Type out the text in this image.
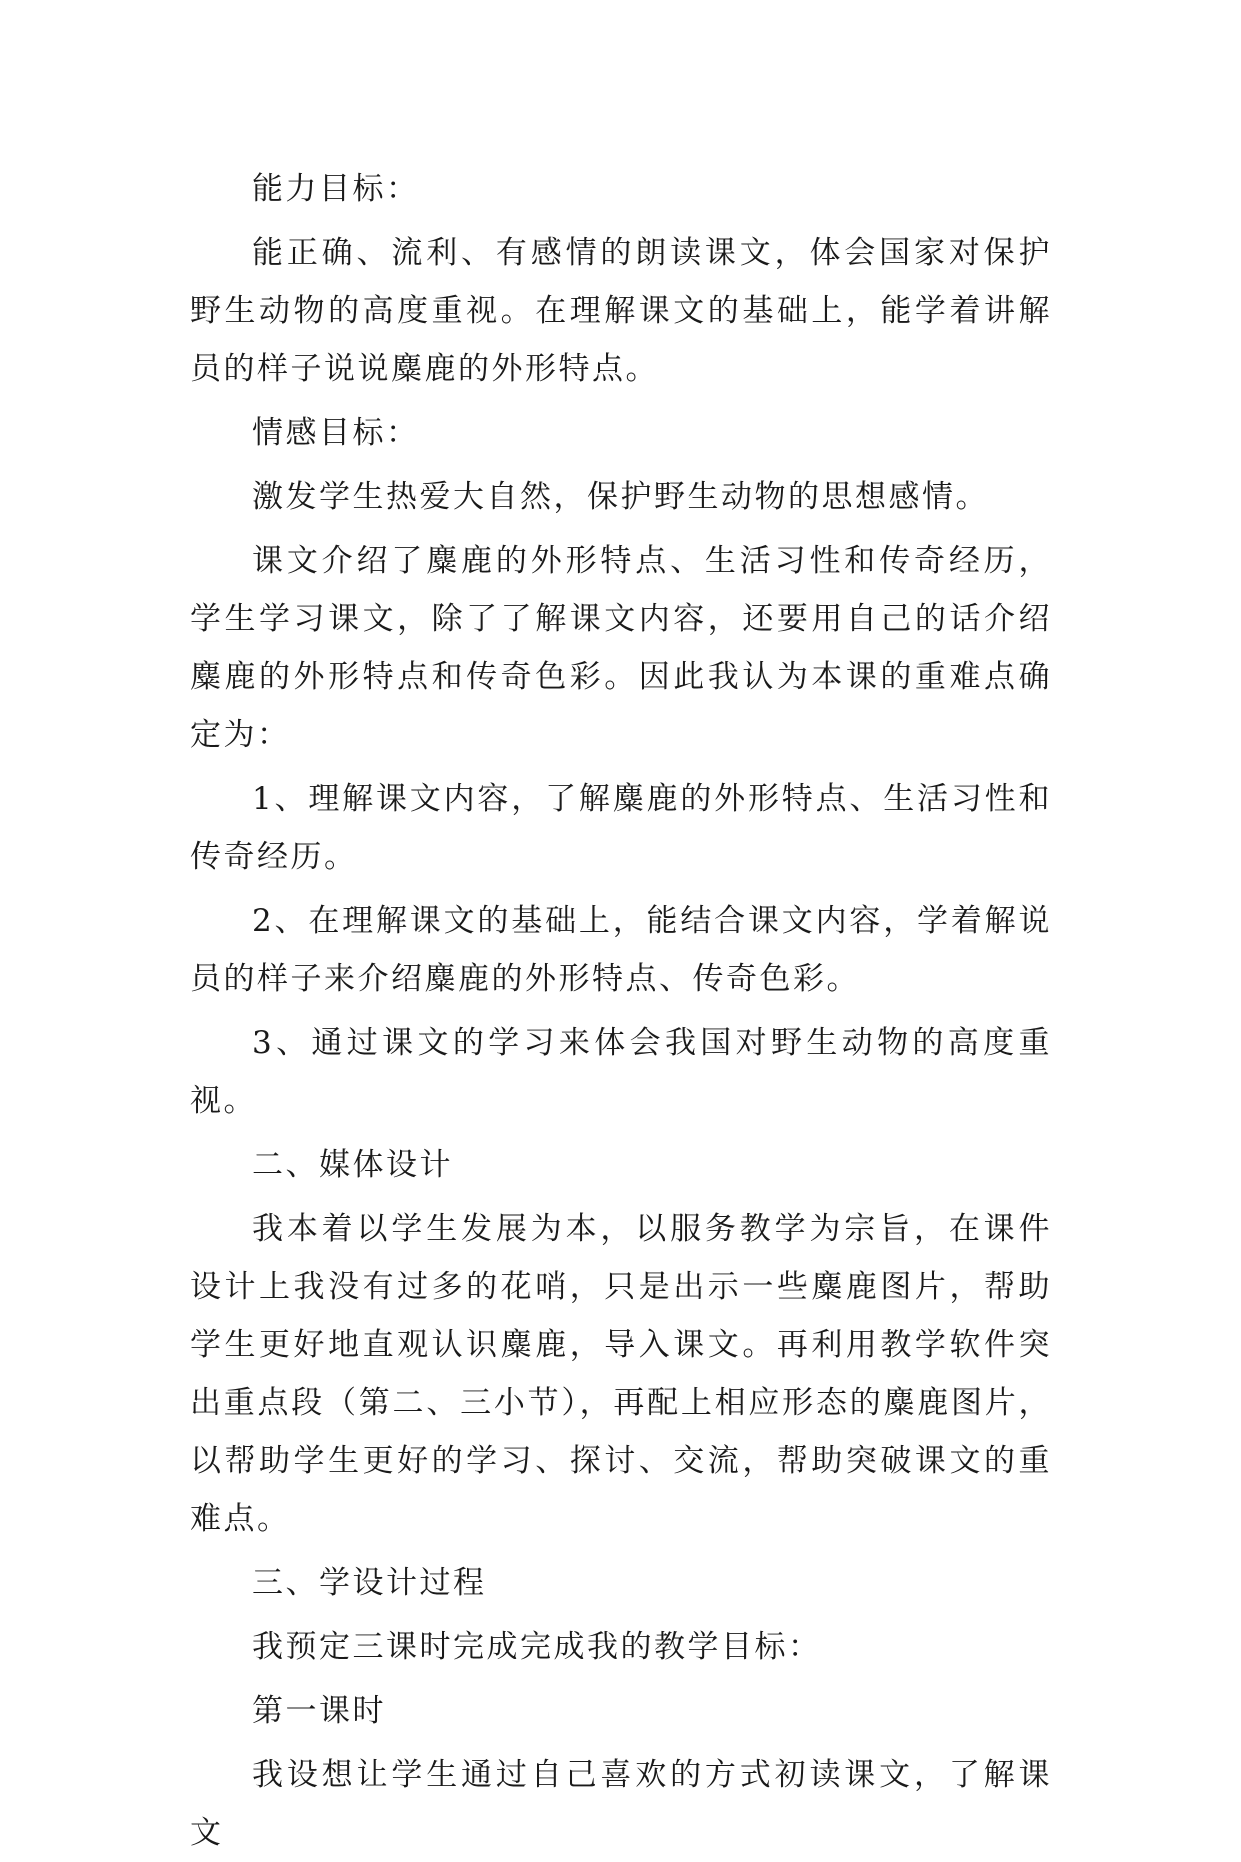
能力目标：

能正确、流利、有感情的朗读课文，体会国家对保护野生动物的高度重视。在理解课文的基础上，能学着讲解员的样子说说麋鹿的外形特点。

情感目标：

激发学生热爱大自然，保护野生动物的思想感情。

课文介绍了麋鹿的外形特点、生活习性和传奇经历，学生学习课文，除了了解课文内容，还要用自己的话介绍麋鹿的外形特点和传奇色彩。因此我认为本课的重难点确定为：

1、理解课文内容，了解麋鹿的外形特点、生活习性和传奇经历。

2、在理解课文的基础上，能结合课文内容，学着解说员的样子来介绍麋鹿的外形特点、传奇色彩。

3、通过课文的学习来体会我国对野生动物的高度重视。

二、媒体设计

我本着以学生发展为本，以服务教学为宗旨，在课件设计上我没有过多的花哨，只是出示一些麋鹿图片，帮助学生更好地直观认识麋鹿，导入课文。再利用教学软件突出重点段（第二、三小节），再配上相应形态的麋鹿图片，以帮助学生更好的学习、探讨、交流，帮助突破课文的重难点。

三、学设计过程

我预定三课时完成完成我的教学目标：

第一课时

我设想让学生通过自己喜欢的方式初读课文，了解课文
